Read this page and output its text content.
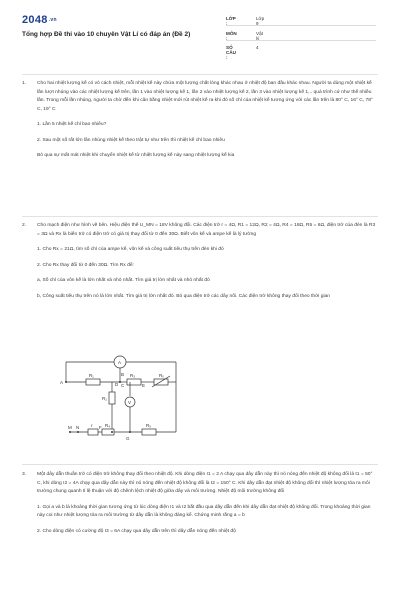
2048.vn
Tổng hợp Đề thi vào 10 chuyên Vật Lí có đáp án (Đề 2)
LỚP :
Lớp 9
MÔN :
Vật lý
SỐ CÂU :
4
1. Cho hai nhiệt lượng kế có vỏ cách nhiệt, mỗi nhiệt kế này chứa một lượng chất lỏng khác nhau ở nhiệt độ ban đầu khác nhau. Người ta dùng một nhiệt kế lần lượt nhúng vào các nhiệt lượng kế trên, lần 1 vào nhiệt lượng kế 1, lần 2 vào nhiệt lượng kế 2, lần 3 vào nhiệt lượng kế 1,.. quá trình cứ như thế nhiều lần. Trong mỗi lần nhúng, người ta chờ đến khi cân bằng nhiệt mới rút nhiệt kế ra khi đó số chỉ của nhiệt kế tương ứng với các lần trên là 80° C, 16° C, 78° C, 19° C

1. Lần 5 nhiệt kế chỉ bao nhiêu?

2. Sau một số rất lớn lần nhúng nhiệt kế theo trật tự như trên thì nhiệt kế chỉ bao nhiêu

Bỏ qua sự mất mát nhiệt khi chuyển nhiệt kế từ nhiệt lượng kế này sang nhiệt lượng kế kia

2. Cho mạch điện như hình vẽ bên. Hiệu điện thế U_MN = 18V không đổi. Các điện trở r = 4Ω, R1 = 12Ω, R2 = 4Ω, R4 = 18Ω, R5 = 6Ω, điện trở của đèn là R3 = 3Ω và Rx là biến trở có điện trở có giá trị thay đổi từ 0 đến 30Ω. Biết vôn kế và ampe kế là lý tưởng

1. Cho Rx = 21Ω, tìm số chỉ của ampe kế, vôn kế và công suất tiêu thụ trên đèn khi đó

2. Cho Rx thay đổi từ 0 đến 30Ω. Tìm Rx để:

a, Số chỉ của vôn kế là lớn nhất và nhỏ nhất. Tìm giá trị lớn nhất và nhỏ nhất đó

b, Công suất tiêu thụ trên nó là lớn nhất. Tìm giá trị lớn nhất đó. Bỏ qua điện trở các dây nối. Các điện trở không thay đổi theo thời gian

A
V
A
B
C
D	E
M N	F
G
R₁
R₂
R₃	Rₓ
r	R₄	R₅
3. Một dây dẫn thuần trở có điện trở không thay đổi theo nhiệt độ. Khi dòng điện I1 = 2 A chạy qua dây dẫn này thì nó nóng đến nhiệt độ không đổi là t1 = 50° C, khi dòng I2 = 4A chạy qua dây dẫn này thì nó nóng đến nhiệt độ không đổi là t2 = 150° C. Khi dây dẫn đạt nhiệt độ không đổi thì nhiệt lượng tỏa ra môi trường chung quanh tỉ lệ thuận với độ chênh lệch nhiệt độ giữa dây và môi trường. Nhiệt độ môi trường không đổi

1. Gọi a và b là khoảng thời gian tương ứng từ lúc dòng điện I1 và I2 bắt đầu qua dây dẫn đến khi dây dẫn đạt nhiệt độ không đổi. Trong khoảng thời gian này coi như nhiệt lượng tỏa ra môi trường từ dây dẫn là không đáng kể. Chứng minh rằng a = b

2. Cho dòng điện có cường độ I3 = 6A chạy qua dây dẫn trên thì dây dẫn nóng đến nhiệt độ
